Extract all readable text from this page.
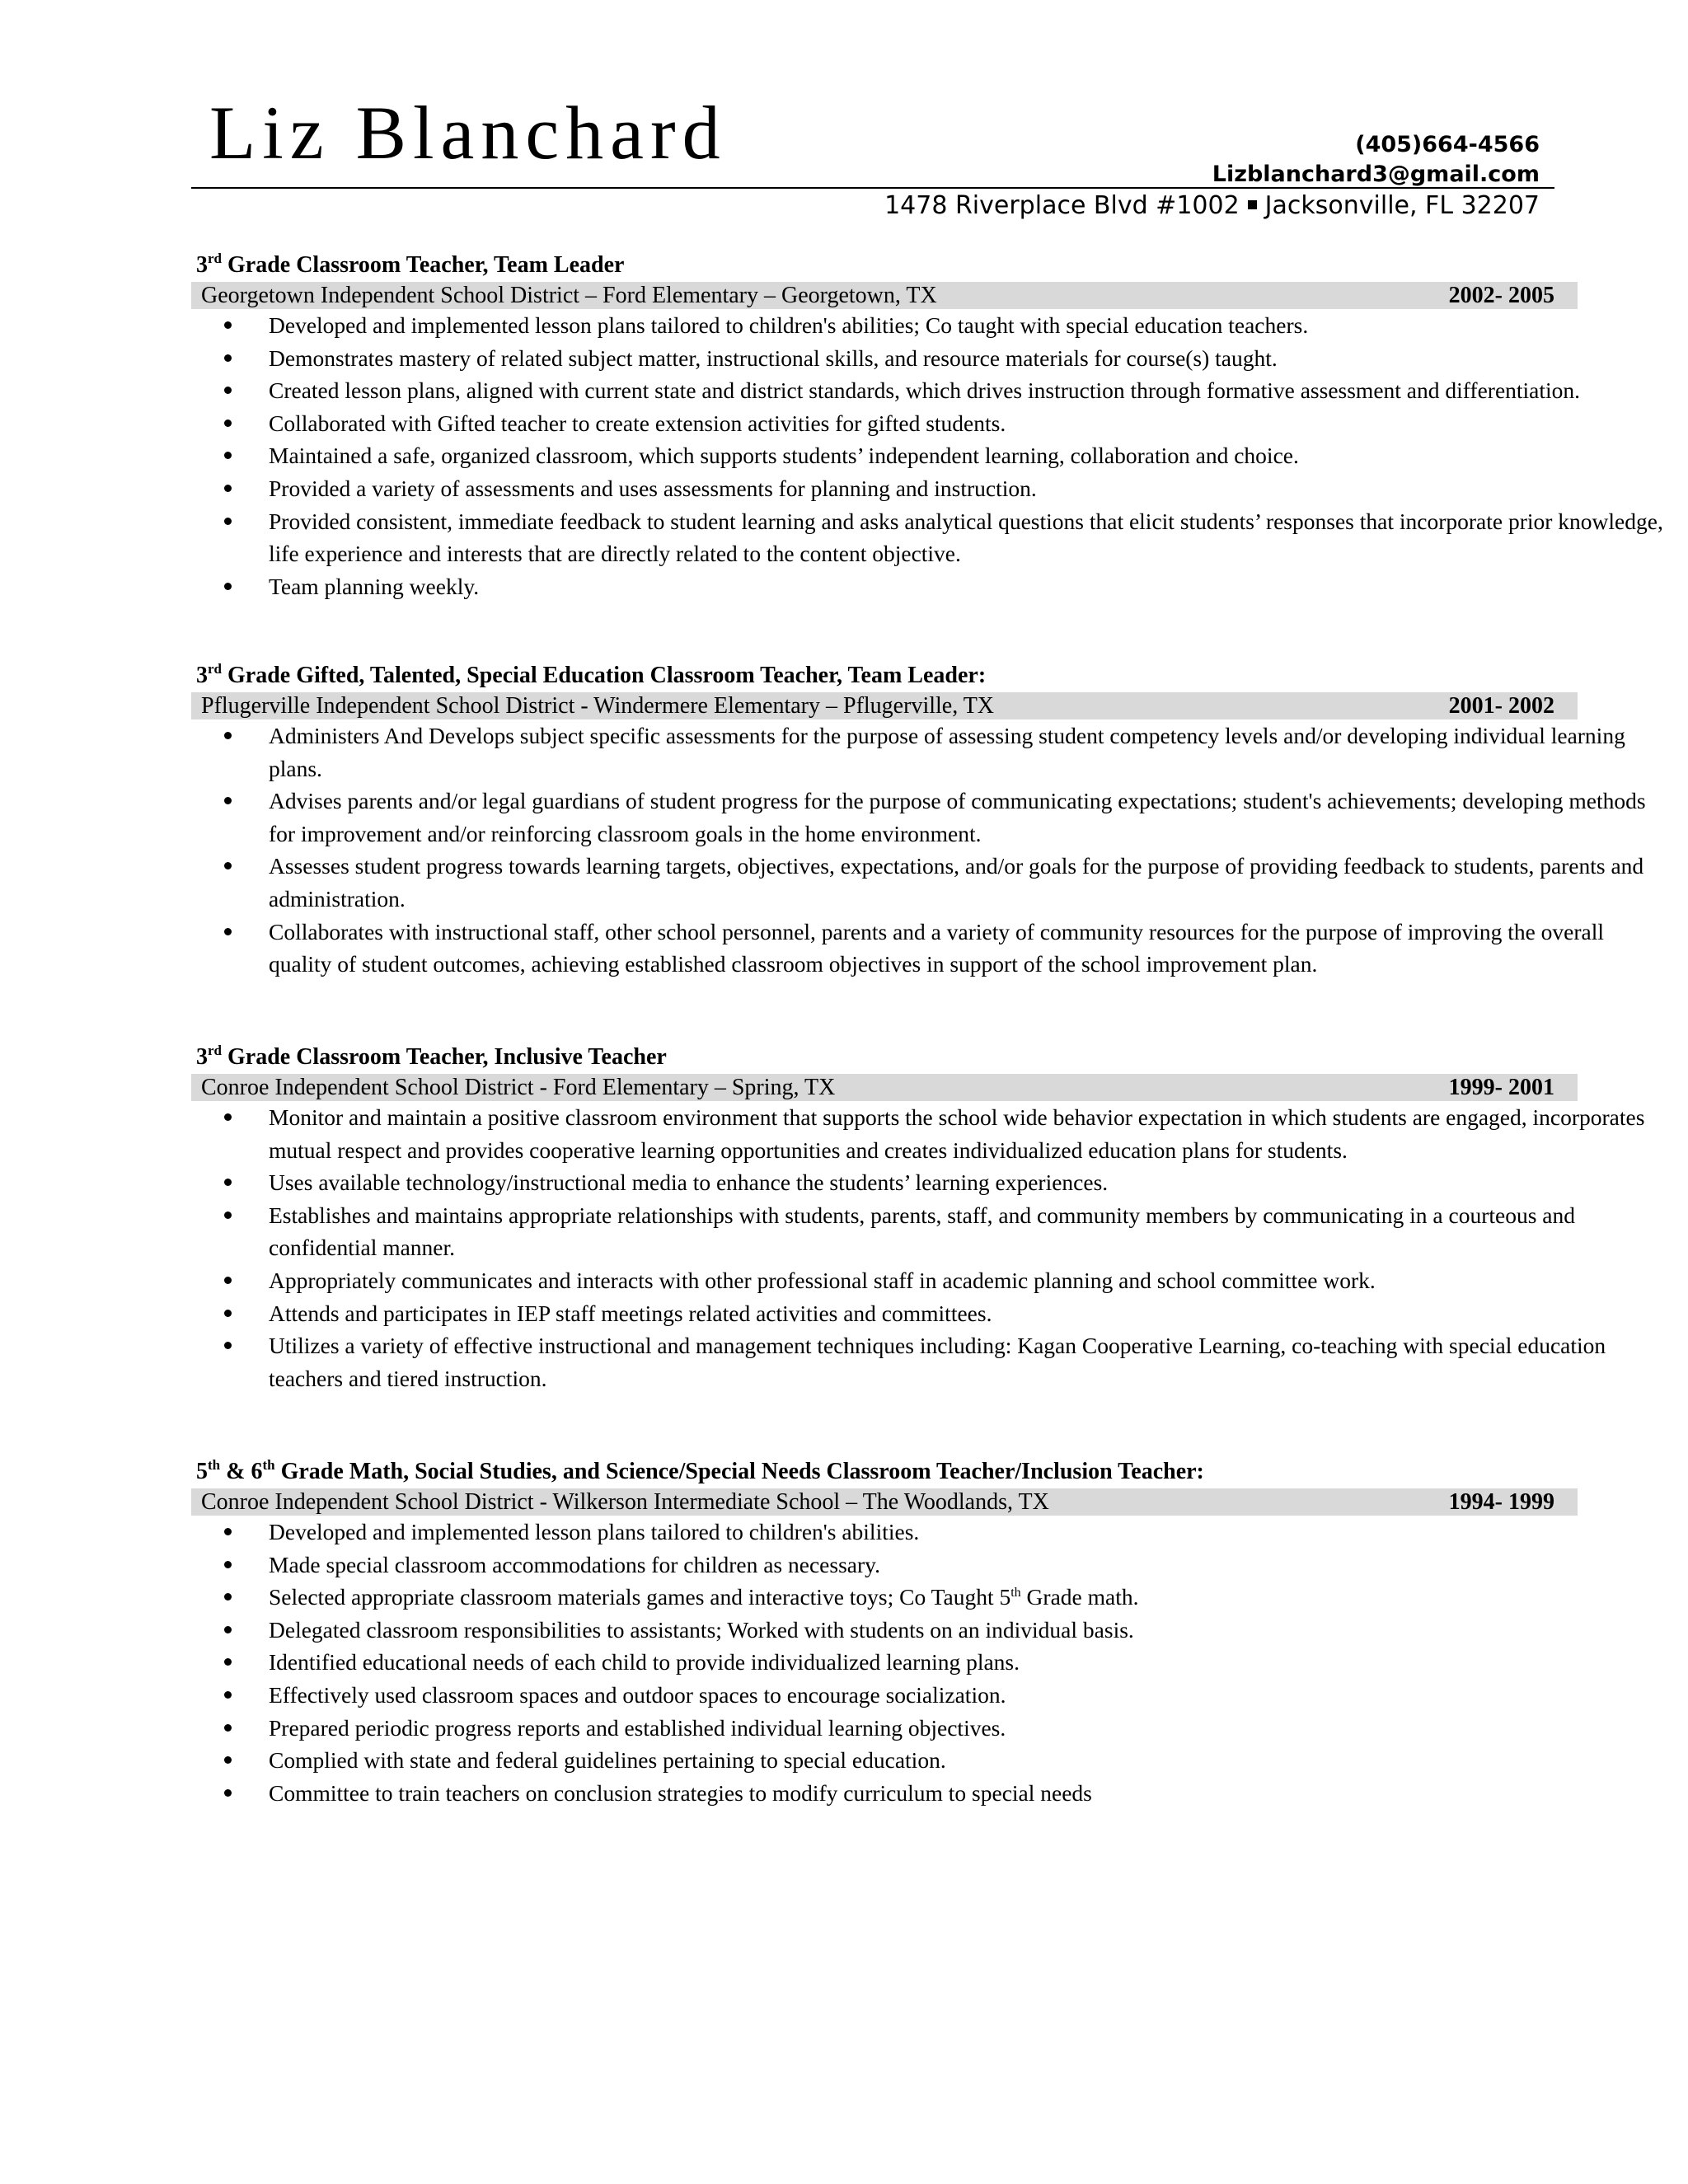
Liz Blanchard	(405)664-4566
Lizblanchard3@gmail.com
1478 Riverplace Blvd #1002 Jacksonville, FL 32207
3rd Grade Classroom Teacher, Team Leader
Georgetown Independent School District – Ford Elementary – Georgetown, TX	2002- 2005
Developed and implemented lesson plans tailored to children's abilities; Co taught with special education teachers.
Demonstrates mastery of related subject matter, instructional skills, and resource materials for course(s) taught.
Created lesson plans, aligned with current state and district standards, which drives instruction through formative assessment and differentiation.
Collaborated with Gifted teacher to create extension activities for gifted students.
Maintained a safe, organized classroom, which supports students’ independent learning, collaboration and choice.
Provided a variety of assessments and uses assessments for planning and instruction.
Provided consistent, immediate feedback to student learning and asks analytical questions that elicit students’ responses that incorporate prior knowledge, life experience and interests that are directly related to the content objective.
Team planning weekly.
3rd Grade Gifted, Talented, Special Education Classroom Teacher, Team Leader:
Pflugerville Independent School District - Windermere Elementary – Pflugerville, TX	2001- 2002
Administers And Develops subject specific assessments for the purpose of assessing student competency levels and/or developing individual learning plans.
Advises parents and/or legal guardians of student progress for the purpose of communicating expectations; student's achievements; developing methods for improvement and/or reinforcing classroom goals in the home environment.
Assesses student progress towards learning targets, objectives, expectations, and/or goals for the purpose of providing feedback to students, parents and administration.
Collaborates with instructional staff, other school personnel, parents and a variety of community resources for the purpose of improving the overall quality of student outcomes, achieving established classroom objectives in support of the school improvement plan.
3rd Grade Classroom Teacher, Inclusive Teacher
Conroe Independent School District - Ford Elementary – Spring, TX	1999- 2001
Monitor and maintain a positive classroom environment that supports the school wide behavior expectation in which students are engaged, incorporates mutual respect and provides cooperative learning opportunities and creates individualized education plans for students.
Uses available technology/instructional media to enhance the students’ learning experiences.
Establishes and maintains appropriate relationships with students, parents, staff, and community members by communicating in a courteous and confidential manner.
Appropriately communicates and interacts with other professional staff in academic planning and school committee work.
Attends and participates in IEP staff meetings related activities and committees.
Utilizes a variety of effective instructional and management techniques including: Kagan Cooperative Learning, co-teaching with special education teachers and tiered instruction.
5th & 6th Grade Math, Social Studies, and Science/Special Needs Classroom Teacher/Inclusion Teacher:
Conroe Independent School District - Wilkerson Intermediate School – The Woodlands, TX	1994- 1999
Developed and implemented lesson plans tailored to children's abilities.
Made special classroom accommodations for children as necessary.
Selected appropriate classroom materials games and interactive toys; Co Taught 5th Grade math.
Delegated classroom responsibilities to assistants; Worked with students on an individual basis.
Identified educational needs of each child to provide individualized learning plans.
Effectively used classroom spaces and outdoor spaces to encourage socialization.
Prepared periodic progress reports and established individual learning objectives.
Complied with state and federal guidelines pertaining to special education.
Committee to train teachers on conclusion strategies to modify curriculum to special needs
